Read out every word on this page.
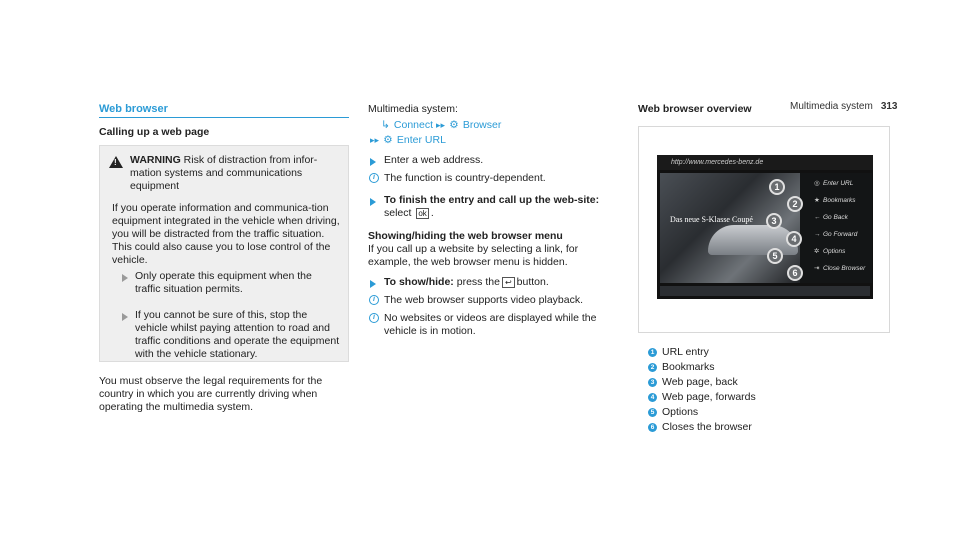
Multimedia system 313
Web browser
Calling up a web page
!
WARNING Risk of distraction from infor-mation systems and communications equipment
If you operate information and communica-tion equipment integrated in the vehicle when driving, you will be distracted from the traffic situation. This could also cause you to lose control of the vehicle.
Only operate this equipment when the traffic situation permits.
If you cannot be sure of this, stop the vehicle whilst paying attention to road and traffic conditions and operate the equipment with the vehicle stationary.
You must observe the legal requirements for the country in which you are currently driving when operating the multimedia system.
Multimedia system:
↳ Connect ▸▸ ⚙ Browser
▸▸ ⚙ Enter URL
Enter a web address.
i The function is country-dependent.
To finish the entry and call up the web-site: select ok .
Showing/hiding the web browser menu
If you call up a website by selecting a link, for example, the web browser menu is hidden.
To show/hide: press the ↩ button.
i The web browser supports video playback.
i No websites or videos are displayed while the vehicle is in motion.
Web browser overview
http://www.mercedes-benz.de
Das neue S-Klasse Coupé
◎ Enter URL
★ Bookmarks
← Go Back
→ Go Forward
✲ Options
⇥ Close Browser
1
2
3
4
5
6
1 URL entry
2 Bookmarks
3 Web page, back
4 Web page, forwards
5 Options
6 Closes the browser
